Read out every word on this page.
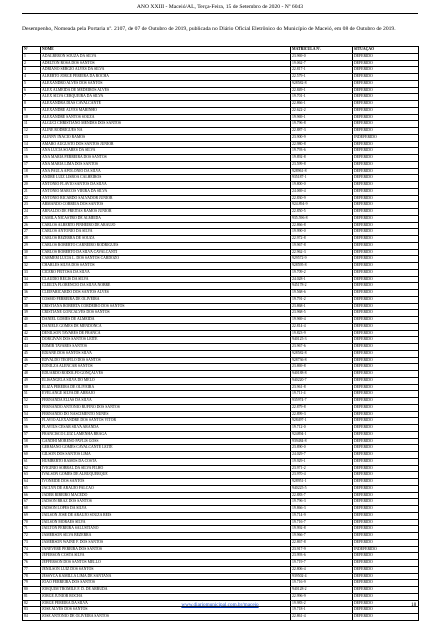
ANO XXIII - Maceió/AL, Terça-Feira, 15 de Setembro de 2020 - Nº 6043
Desempenho, Nomeada pela Portaria nº. 2107, de 07 de Outubro de 2019, publicada no Diário Oficial Eletrônico do Município de Maceió, em 08 de Outubro de 2019.
Nº	NOME	MATRÍCULA Nº.	SITUAÇÃO
1	ADALBERON SOUZA DA SILVA	23.969-0	DEFERIDO
2	ADELTON ROSA DOS SANTOS	19.062-7	DEFERIDO
3	ADRIANO SERGIO ALVES DA SILVA	22.817-1	DEFERIDO
4	ALBERTO JORGE PEREIRA DA ROCHA	22.579-1	DEFERIDO
5	ALEXANDRO ALVES DOS SANTOS	928582-8	DEFERIDO
6	ALEX ALMEIDA DE MEDEIROS ALVES	22.849-1	DEFERIDO
7	ALEX SILVA CERQUEIRA DA SILVA	19.701-1	DEFERIDO
8	ALEXANDRA DIAS CAVALCANTE	22.866-1	DEFERIDO
9	ALEXANDRE ALVES MARINHO	22.622-2	DEFERIDO
10	ALEXANDRE SANTOS SOUZA	19.969-1	DEFERIDO
11	ALGUCI CHRISTIANO MENDES DOS SANTOS	19.796-8	DEFERIDO
12	ALINE RODRIGUES NÃ	22.887-3	DEFERIDO
13	ALINNY INACIO RAMOS	23.900-9	INDEFERIDO
14	AMARO AUGUSTO DOS SANTOS JUNIOR	22.980-8	DEFERIDO
15	ANA LUCIA SOARES DA SILVA	19.793-6	DEFERIDO
16	ANA MARIA FERREIRA DOS SANTOS	19.892-8	DEFERIDO
17	ANA MARIA LIMA DOS SANTOS	23.599-8	DEFERIDO
18	ANA PAULA APOLONIO DA SILVA	928961-8	DEFERIDO
19	ANDRE LUIZ LISBOA CALHEIROS	935187-1	DEFERIDO
20	ANTONIO FLAVIO SANTOS DA SILVA	19.800-0	DEFERIDO
21	ANTONIO MARCOS VIEIRA DA SILVA	24.069-4	DEFERIDO
22	ANTONIO RICARDO SALVADOR JUNIOR	22.830-9	DEFERIDO
23	ARMANDO CORREIA DOS SANTOS	924.894-9	DEFERIDO
24	ARNALDO DE FREITAS RAMOS JUNIOR	22.850-5	DEFERIDO
25	CAMILA NICASTRO DE ALMEIDA	935.596-8	DEFERIDO
26	CARLOS ALBERTO PINHEIRO DE ARAUJO	22.866-8	DEFERIDO
27	CARLOS ANTONIO DA SILVA	19.990-0	DEFERIDO
28	CARLOS BEZERRA DE SOUZA	22.972-8	DEFERIDO
29	CARLOS ROBERTO CARNEIRO RODRIGUES	19.967-8	DEFERIDO
30	CARLOS ROBERTO DA SILVA CAVALCANTI	22.962-3	DEFERIDO
31	CARMEM LUCIA L. DOS SANTOS CARDOZO	929572-9	DEFERIDO
32	CHARLES SILVA DOS SANTOS	928595-8	DEFERIDO
33	CICERO FEITOSA DA SILVA	19.709-2	DEFERIDO
34	CLAUDIO REGIS DA SILVA	24.028-1	DEFERIDO
35	CLEILTA FLORENCIO DA SILVA NOBRE	945178-2	DEFERIDO
36	CLEIFARICARDO DOS SANTOS ALVES	19.568-6	DEFERIDO
37	COSMO FERREIRA DE OLIVEIRA	19.791-2	DEFERIDO
38	CRISTIANA ROBERTA CORDEIRO DOS SANTOS	23.868-1	DEFERIDO
39	CRISTIANE GONCALVES DOS SANTOS	23.968-5	DEFERIDO
40	DANIEL GOMES DE ALMEIDA	19.969-4	DEFERIDO
41	DANIELE GOMES DE MENDONCA	22.814-4	DEFERIDO
42	DENILSON TAVARES DE FRANCA	19.823-9	DEFERIDO
43	DORGIVAN DOS SANTOS LEITE	940125-3	DEFERIDO
44	EDMIR TAVARES SANTOS	23.967-6	DEFERIDO
45	EDJANE DOS SANTOS SILVA	928582-8	DEFERIDO
46	EDVALDO TEOFILO DOS SANTOS	928736-8	DEFERIDO
47	EDNILZA ALENCAR SANTOS	23.869-8	DEFERIDO
48	EDUARDO RODOLFO GONÇALVES	940188-8	DEFERIDO
49	ELISANGELA SILVA DO MELO	940220-7	DEFERIDO
50	ELIZA PEREIRA DE OLIVEIRA	23.961-8	DEFERIDO
51	EVELANGE SILVA DE ARRAJO	19.711-4	DEFERIDO
52	FERNANDA ELIAS DA SILVA	935974-7	DEFERIDO
53	FERNANDO ANTONIO RUFINO DOS SANTOS	22.879-8	DEFERIDO
54	FERNANDO DO NASCIMENTO NUNES	22.899-3	DEFERIDO
55	FLAVIO ALEXANDRE DOS SANTOS VITOR	928497-1	DEFERIDO
56	FLAVIUS CESAR SILVA ARANDA	19.712-0	DEFERIDO
57	FRANCISCO LUIZ LAMENHA BRAGA	924894-1	DEFERIDO
58	GANDHI MORENO PAVLIS GOSS	939484-8	DEFERIDO
59	GERMANO GOMES CAVALCANTE LEITE	23.890-0	DEFERIDO
60	GILSON DOS SANTOS LIMA	24.029-7	DEFERIDO
61	HUMBERTO RAMOS DA COSTA	19.929-1	DEFERIDO
62	IVIGINIO SOBRAL DA SILVA FILHO	23.971-2	DEFERIDO
63	IVALSON GOMES DE ALBUQUERQUE	23.970-4	DEFERIDO
64	IVONEIDE DOS SANTOS	928951-1	DEFERIDO
65	JACLYN DE ARAUJO FALCÃO	940225-5	DEFERIDO
66	JADER RIBEIRO MACEDO	22.883-7	DEFERIDO
67	JADSON BRAZ DOS SANTOS	19.796-3	DEFERIDO
68	JADSON LOPES DA SILVA	19.866-3	DEFERIDO
69	JAILSON JOSE DE ARAUJO SOUZA REIS	19.714-9	DEFERIDO
70	JAILSON MORAES SILVA	19.716-7	DEFERIDO
71	JAILTON PEREIRA SALUSTIANO	19.992-8	DEFERIDO
72	JAMERSON SILVA BEZERRA	19.966-7	DEFERIDO
73	JAMERSON WAINE F. DOS SANTOS	22.867-8	DEFERIDO
74	JANEVERE PEREIRA DOS SANTOS	23.917-9	INDEFERIDO
75	JEFERSON COSTA SILVA	23.993-6	DEFERIDO
76	JEFFERSON DOS SANTOS MELLO	19.719-7	DEFERIDO
77	JENILSON LUIZ DOS SANTOS	22.806-4	DEFERIDO
78	JESSYCA KAMILLA LIMA DE SANTANA	939502-4	DEFERIDO
79	JOÃO FERREIRA DOS SANTOS	19.716-9	DEFERIDO
80	JOEQUIM TROMILE F. D. DE ARRUDA	940128-2	DEFERIDO
81	JORGE JUNIOR ROCHA	22.996-9	DEFERIDO
82	JORGE PEREIRA DA SILVA	19.983-2	DEFERIDO
83	JOSE ALVES DOS SANTOS	19.718-1	DEFERIDO
84	JOSE ANTONIO DE OLIVEIRA SANTOS	22.861-4	DEFERIDO
www.diariomunicipal.com.br/maceio	18
